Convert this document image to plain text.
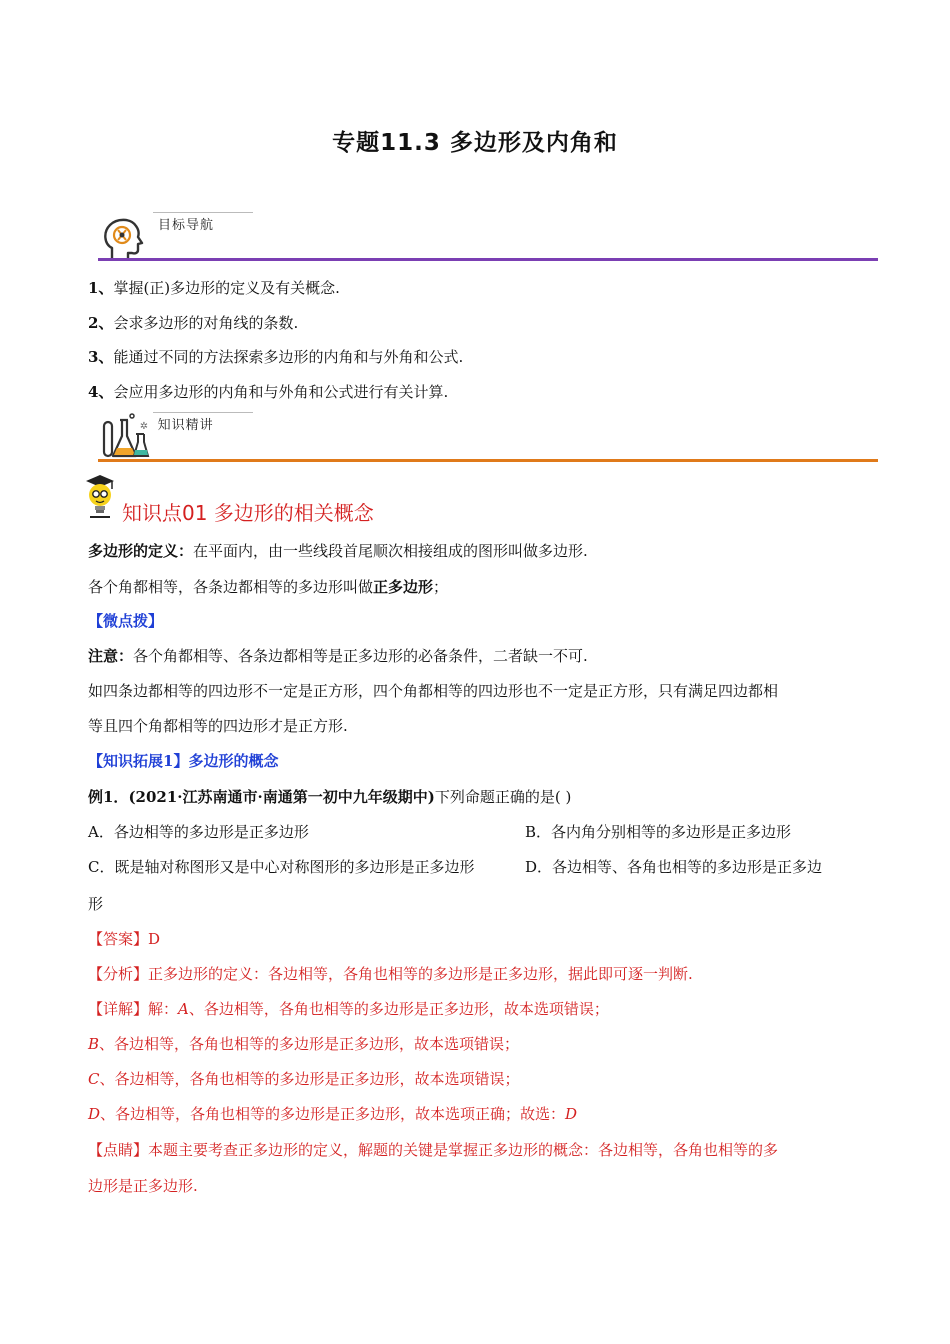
专题11.3 多边形及内角和
目标导航
1、掌握(正)多边形的定义及有关概念.
2、会求多边形的对角线的条数.
3、能通过不同的方法探索多边形的内角和与外角和公式.
4、会应用多边形的内角和与外角和公式进行有关计算.
✲ 知识精讲
知识点01 多边形的相关概念
多边形的定义：在平面内，由一些线段首尾顺次相接组成的图形叫做多边形.
各个角都相等，各条边都相等的多边形叫做正多边形；
【微点拨】
注意：各个角都相等、各条边都相等是正多边形的必备条件，二者缺一不可.
如四条边都相等的四边形不一定是正方形，四个角都相等的四边形也不一定是正方形，只有满足四边都相
等且四个角都相等的四边形才是正方形.
【知识拓展1】多边形的概念
例1．(2021·江苏南通市·南通第一初中九年级期中)下列命题正确的是( )
A．各边相等的多边形是正多边形	B．各内角分别相等的多边形是正多边形
C．既是轴对称图形又是中心对称图形的多边形是正多边形	D．各边相等、各角也相等的多边形是正多边
形
【答案】D
【分析】正多边形的定义：各边相等，各角也相等的多边形是正多边形，据此即可逐一判断.
【详解】解：A、各边相等，各角也相等的多边形是正多边形，故本选项错误；
B、各边相等，各角也相等的多边形是正多边形，故本选项错误；
C、各边相等，各角也相等的多边形是正多边形，故本选项错误；
D、各边相等，各角也相等的多边形是正多边形，故本选项正确；故选：D
【点睛】本题主要考查正多边形的定义，解题的关键是掌握正多边形的概念：各边相等，各角也相等的多
边形是正多边形.
